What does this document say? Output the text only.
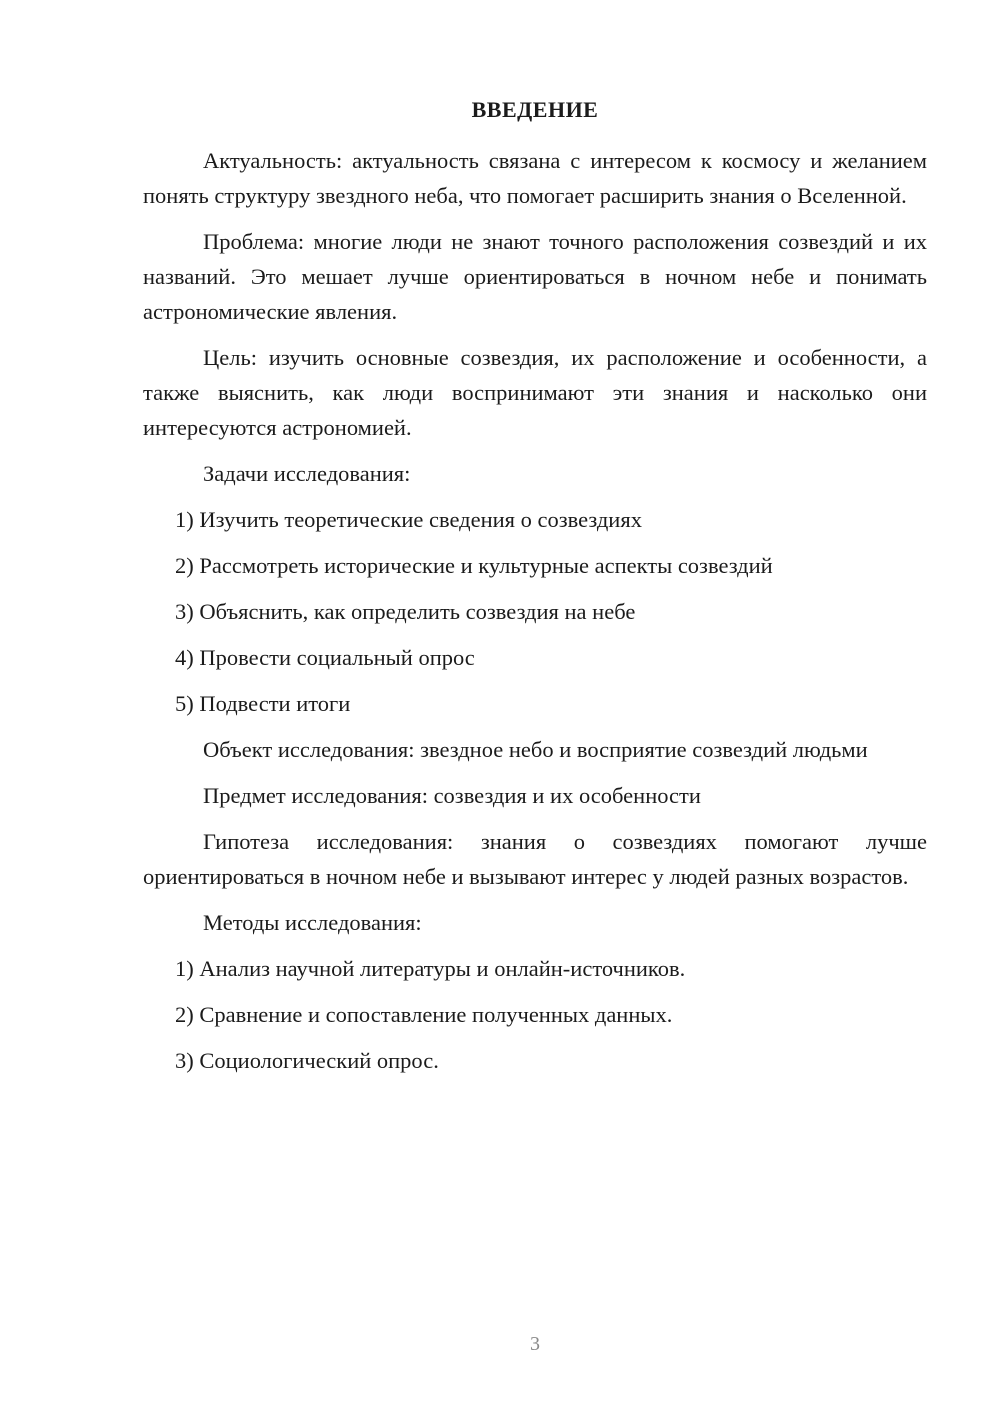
ВВЕДЕНИЕ

Актуальность: актуальность связана с интересом к космосу и желанием понять структуру звездного неба, что помогает расширить знания о Вселенной.

Проблема: многие люди не знают точного расположения созвездий и их названий. Это мешает лучше ориентироваться в ночном небе и понимать астрономические явления.

Цель: изучить основные созвездия, их расположение и особенности, а также выяснить, как люди воспринимают эти знания и насколько они интересуются астрономией.

Задачи исследования:

1) Изучить теоретические сведения о созвездиях

2) Рассмотреть исторические и культурные аспекты созвездий

3) Объяснить, как определить созвездия на небе

4) Провести социальный опрос

5) Подвести итоги

Объект исследования: звездное небо и восприятие созвездий людьми

Предмет исследования: созвездия и их особенности

Гипотеза исследования: знания о созвездиях помогают лучше ориентироваться в ночном небе и вызывают интерес у людей разных возрастов.

Методы исследования:

1) Анализ научной литературы и онлайн-источников.

2) Сравнение и сопоставление полученных данных.

3) Социологический опрос.

3
